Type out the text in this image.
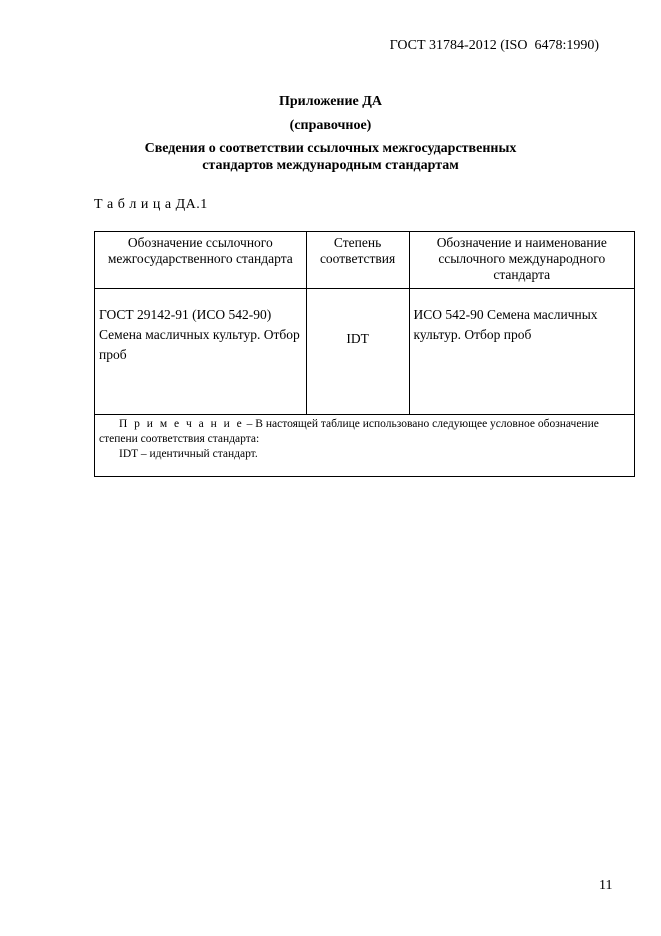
ГОСТ 31784-2012 (ISO  6478:1990)
Приложение ДА
(справочное)
Сведения о соответствии ссылочных межгосударственных
стандартов международным стандартам
Т а б л и ц а ДА.1
Обозначение ссылочного межгосударственного стандарта	Степень соответствия	Обозначение и наименование ссылочного международного стандарта
ГОСТ 29142-91 (ИСО 542-90) Семена масличных культур. Отбор проб	IDT	ИСО 542-90 Семена масличных культур. Отбор проб
П р и м е ч а н и е – В настоящей таблице использовано следующее условное обозначение степени соответствия стандарта:
IDT – идентичный стандарт.		
11
